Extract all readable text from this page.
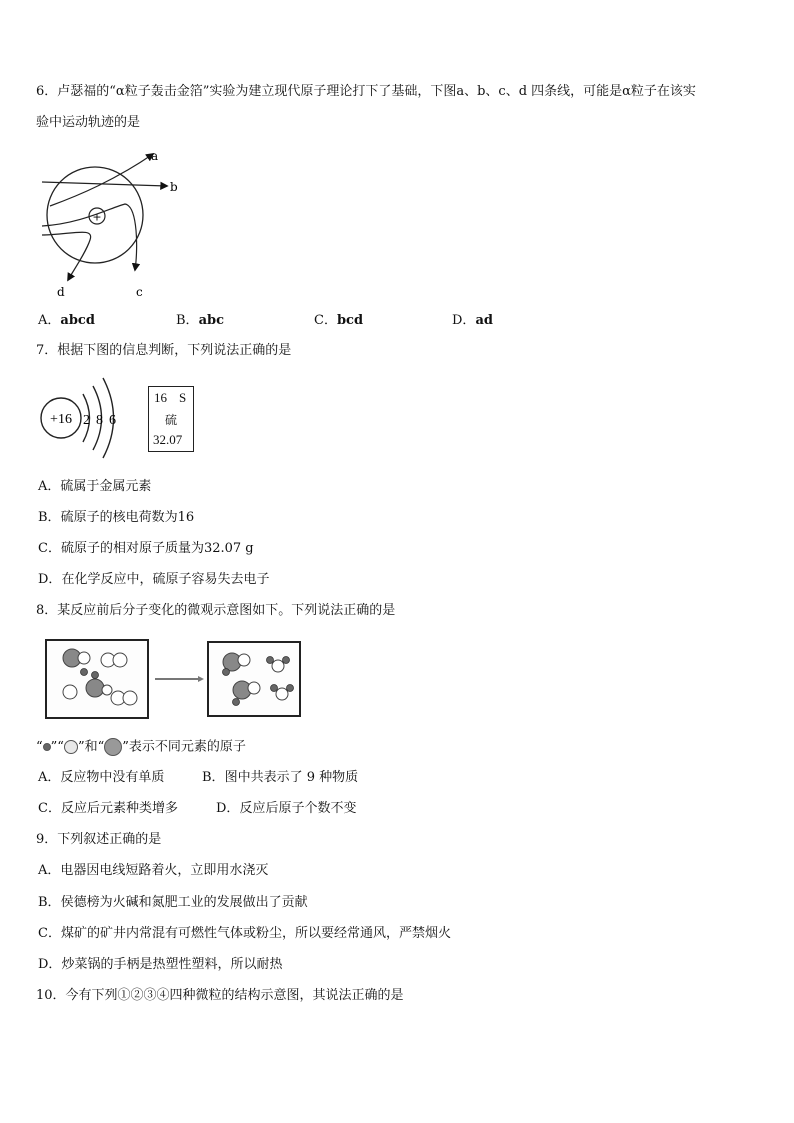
6．卢瑟福的“α粒子轰击金箔”实验为建立现代原子理论打下了基础，下图a、b、c、d 四条线，可能是α粒子在该实
验中运动轨迹的是
+
a
b
c
d
A．abcd	B．abc	C．bcd	D．ad
7．根据下图的信息判断，下列说法正确的是
+16 2 8 6
16 S
硫
32.07
A．硫属于金属元素
B．硫原子的核电荷数为16
C．硫原子的相对原子质量为32.07 g
D．在化学反应中，硫原子容易失去电子
8．某反应前后分子变化的微观示意图如下。下列说法正确的是
“ ”“ ”和“ ”表示不同元素的原子
A．反应物中没有单质	B．图中共表示了 9 种物质
C．反应后元素种类增多	D．反应后原子个数不变
9．下列叙述正确的是
A．电器因电线短路着火，立即用水浇灭
B．侯德榜为火碱和氮肥工业的发展做出了贡献
C．煤矿的矿井内常混有可燃性气体或粉尘，所以要经常通风，严禁烟火
D．炒菜锅的手柄是热塑性塑料，所以耐热
10．今有下列①②③④四种微粒的结构示意图，其说法正确的是
